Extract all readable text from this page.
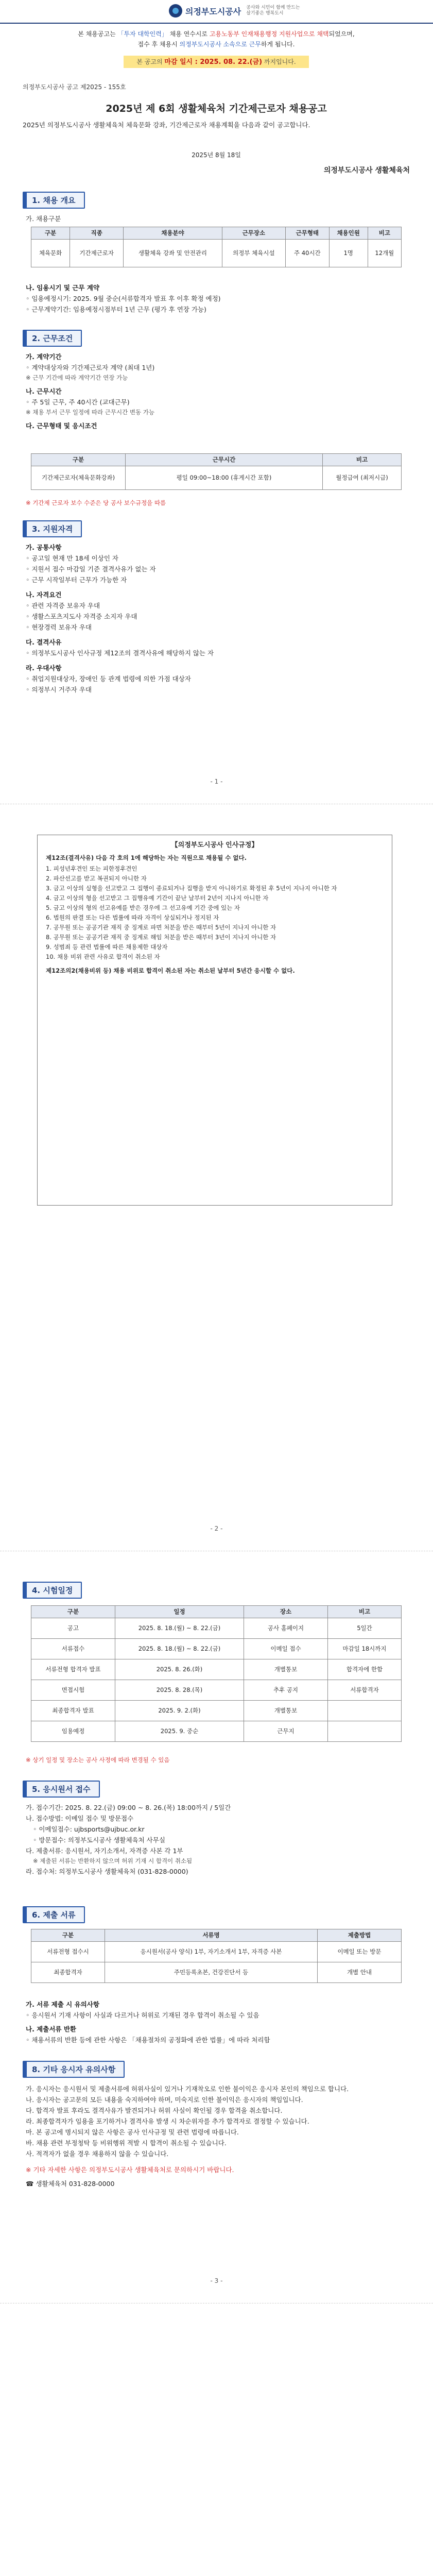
의정부도시공사 공사와 시민이 함께 만드는
살기좋은 행복도시
본 채용공고는 「투자 대학인력」 채용 연수시로 고용노동부 인재채용행정 지원사업으로 채택되었으며,
접수 후 채용시 의정부도시공사 소속으로 근무하게 됩니다.
본 공고의 마감 일시 : 2025. 08. 22.(금) 까지입니다.
의정부도시공사 공고 제2025 - 155호
2025년 제 6회 생활체육처 기간제근로자 채용공고
2025년 의정부도시공사 생활체육처 체육문화 강좌, 기간제근로자 채용계획을 다음과 같이 공고합니다.
2025년 8월 18일
의정부도시공사 생활체육처
1. 채용 개요
가. 채용구분
구분	직종	채용분야	근무장소	근무형태	채용인원	비고
체육문화	기간제근로자	생활체육 강좌 및 안전관리	의정부 체육시설	주 40시간	1명	12개월
나. 임용시기 및 근무 계약
◦ 임용예정시기: 2025. 9월 중순(서류합격자 발표 후 이후 확정 예정)
◦ 근무계약기간: 임용예정시점부터 1년 근무 (평가 후 연장 가능)
2. 근무조건
가. 계약기간
◦ 계약대상자와 기간제근로자 계약 (최대 1년)
※ 근무 기간에 따라 계약기간 연장 가능
나. 근무시간
◦ 주 5일 근무, 주 40시간 (교대근무)
※ 채용 부서 근무 일정에 따라 근무시간 변동 가능
다. 근무형태 및 응시조건
구분	근무시간	비고
기간제근로자(체육문화강좌)	평일 09:00~18:00 (휴게시간 포함)	월정급여 (최저시급)
※ 기간제 근로자 보수 수준은 당 공사 보수규정을 따름
3. 지원자격
가. 공통사항
◦ 공고일 현재 만 18세 이상인 자
◦ 지원서 접수 마감일 기준 결격사유가 없는 자
◦ 근무 시작일부터 근무가 가능한 자
나. 자격요건
◦ 관련 자격증 보유자 우대
◦ 생활스포츠지도사 자격증 소지자 우대
◦ 현장경력 보유자 우대
다. 결격사유
◦ 의정부도시공사 인사규정 제12조의 결격사유에 해당하지 않는 자
라. 우대사항
◦ 취업지원대상자, 장애인 등 관계 법령에 의한 가점 대상자
◦ 의정부시 거주자 우대
- 1 -
【의정부도시공사 인사규정】
제12조(결격사유) 다음 각 호의 1에 해당하는 자는 직원으로 채용될 수 없다.
1. 피성년후견인 또는 피한정후견인
2. 파산선고를 받고 복권되지 아니한 자
3. 금고 이상의 실형을 선고받고 그 집행이 종료되거나 집행을 받지 아니하기로 확정된 후 5년이 지나지 아니한 자
4. 금고 이상의 형을 선고받고 그 집행유예 기간이 끝난 날부터 2년이 지나지 아니한 자
5. 금고 이상의 형의 선고유예를 받은 경우에 그 선고유예 기간 중에 있는 자
6. 법원의 판결 또는 다른 법률에 따라 자격이 상실되거나 정지된 자
7. 공무원 또는 공공기관 재직 중 징계로 파면 처분을 받은 때부터 5년이 지나지 아니한 자
8. 공무원 또는 공공기관 재직 중 징계로 해임 처분을 받은 때부터 3년이 지나지 아니한 자
9. 성범죄 등 관련 법률에 따른 채용제한 대상자
10. 채용 비위 관련 사유로 합격이 취소된 자
제12조의2(채용비위 등) 채용 비위로 합격이 취소된 자는 취소된 날부터 5년간 응시할 수 없다.
- 2 -
4. 시험일정
구분	일정	장소	비고
공고	2025. 8. 18.(월) ~ 8. 22.(금)	공사 홈페이지	5일간
서류접수	2025. 8. 18.(월) ~ 8. 22.(금)	이메일 접수	마감일 18시까지
서류전형 합격자 발표	2025. 8. 26.(화)	개별통보	합격자에 한함
면접시험	2025. 8. 28.(목)	추후 공지	서류합격자
최종합격자 발표	2025. 9. 2.(화)	개별통보	
임용예정	2025. 9. 중순	근무지	
※ 상기 일정 및 장소는 공사 사정에 따라 변경될 수 있음
5. 응시원서 접수
가. 접수기간: 2025. 8. 22.(금) 09:00 ~ 8. 26.(목) 18:00까지 / 5일간
나. 접수방법: 이메일 접수 및 방문접수
◦ 이메일접수: ujbsports@ujbuc.or.kr
◦ 방문접수: 의정부도시공사 생활체육처 사무실
다. 제출서류: 응시원서, 자기소개서, 자격증 사본 각 1부
※ 제출된 서류는 반환하지 않으며 허위 기재 시 합격이 취소됨
라. 접수처: 의정부도시공사 생활체육처 (031-828-0000)
6. 제출 서류
구분	서류명	제출방법
서류전형 접수시	응시원서(공사 양식) 1부, 자기소개서 1부, 자격증 사본	이메일 또는 방문
최종합격자	주민등록초본, 건강진단서 등	개별 안내
가. 서류 제출 시 유의사항
◦ 응시원서 기재 사항이 사실과 다르거나 허위로 기재된 경우 합격이 취소될 수 있음
나. 제출서류 반환
◦ 채용서류의 반환 등에 관한 사항은 「채용절차의 공정화에 관한 법률」에 따라 처리함
8. 기타 응시자 유의사항
가. 응시자는 응시원서 및 제출서류에 허위사실이 있거나 기재착오로 인한 불이익은 응시자 본인의 책임으로 합니다.
나. 응시자는 공고문의 모든 내용을 숙지하여야 하며, 미숙지로 인한 불이익은 응시자의 책임입니다.
다. 합격자 발표 후라도 결격사유가 발견되거나 허위 사실이 확인될 경우 합격을 취소합니다.
라. 최종합격자가 임용을 포기하거나 결격사유 발생 시 차순위자를 추가 합격자로 결정할 수 있습니다.
마. 본 공고에 명시되지 않은 사항은 공사 인사규정 및 관련 법령에 따릅니다.
바. 채용 관련 부정청탁 등 비위행위 적발 시 합격이 취소될 수 있습니다.
사. 적격자가 없을 경우 채용하지 않을 수 있습니다.
※ 기타 자세한 사항은 의정부도시공사 생활체육처로 문의하시기 바랍니다.
☎ 생활체육처 031-828-0000
- 3 -
